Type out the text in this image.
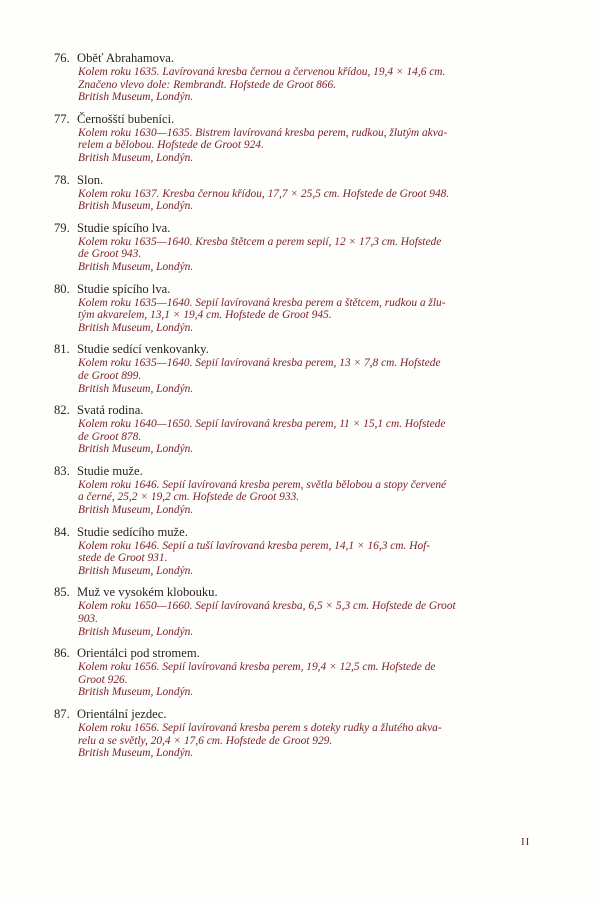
76. Oběť Abrahamova.
Kolem roku 1635. Lavírovaná kresba černou a červenou křídou, 19,4 × 14,6 cm.
Značeno vlevo dole: Rembrandt. Hofstede de Groot 866.
British Museum, Londýn.
77. Černošští bubeníci.
Kolem roku 1630—1635. Bistrem lavírovaná kresba perem, rudkou, žlutým akva-
relem a bělobou. Hofstede de Groot 924.
British Museum, Londýn.
78. Slon.
Kolem roku 1637. Kresba černou křídou, 17,7 × 25,5 cm. Hofstede de Groot 948.
British Museum, Londýn.
79. Studie spícího lva.
Kolem roku 1635—1640. Kresba štětcem a perem sepií, 12 × 17,3 cm. Hofstede
de Groot 943.
British Museum, Londýn.
80. Studie spícího lva.
Kolem roku 1635—1640. Sepií lavírovaná kresba perem a štětcem, rudkou a žlu-
tým akvarelem, 13,1 × 19,4 cm. Hofstede de Groot 945.
British Museum, Londýn.
81. Studie sedící venkovanky.
Kolem roku 1635—1640. Sepií lavírovaná kresba perem, 13 × 7,8 cm. Hofstede
de Groot 899.
British Museum, Londýn.
82. Svatá rodina.
Kolem roku 1640—1650. Sepií lavírovaná kresba perem, 11 × 15,1 cm. Hofstede
de Groot 878.
British Museum, Londýn.
83. Studie muže.
Kolem roku 1646. Sepií lavírovaná kresba perem, světla bělobou a stopy červené
a černé, 25,2 × 19,2 cm. Hofstede de Groot 933.
British Museum, Londýn.
84. Studie sedícího muže.
Kolem roku 1646. Sepií a tuší lavírovaná kresba perem, 14,1 × 16,3 cm. Hof-
stede de Groot 931.
British Museum, Londýn.
85. Muž ve vysokém klobouku.
Kolem roku 1650—1660. Sepií lavírovaná kresba, 6,5 × 5,3 cm. Hofstede de Groot
903.
British Museum, Londýn.
86. Orientálci pod stromem.
Kolem roku 1656. Sepií lavírovaná kresba perem, 19,4 × 12,5 cm. Hofstede de
Groot 926.
British Museum, Londýn.
87. Orientální jezdec.
Kolem roku 1656. Sepií lavírovaná kresba perem s doteky rudky a žlutého akva-
relu a se světly, 20,4 × 17,6 cm. Hofstede de Groot 929.
British Museum, Londýn.
II
